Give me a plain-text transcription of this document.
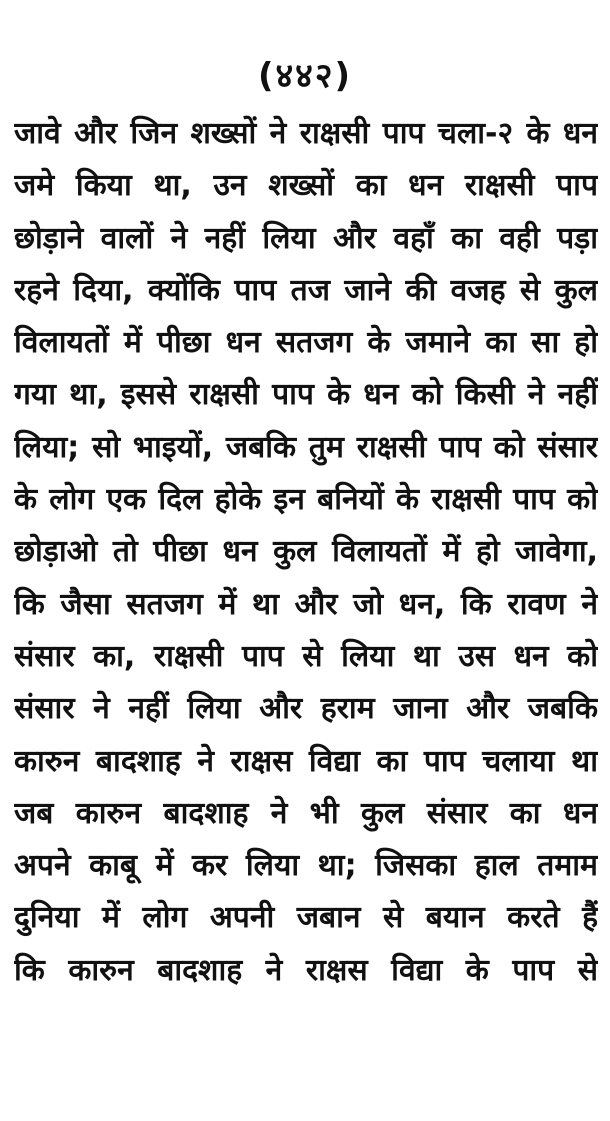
(४४२)
जावे और जिन शख्सों ने राक्षसी पाप चला-२ के धन
जमे किया था, उन शख्सों का धन राक्षसी पाप
छोड़ाने वालों ने नहीं लिया और वहाँ का वही पड़ा
रहने दिया, क्योंकि पाप तज जाने की वजह से कुल
विलायतों में पीछा धन सतजग के जमाने का सा हो
गया था, इससे राक्षसी पाप के धन को किसी ने नहीं
लिया; सो भाइयों, जबकि तुम राक्षसी पाप को संसार
के लोग एक दिल होके इन बनियों के राक्षसी पाप को
छोड़ाओ तो पीछा धन कुल विलायतों में हो जावेगा,
कि जैसा सतजग में था और जो धन, कि रावण ने
संसार का, राक्षसी पाप से लिया था उस धन को
संसार ने नहीं लिया और हराम जाना और जबकि
कारुन बादशाह ने राक्षस विद्या का पाप चलाया था
जब कारुन बादशाह ने भी कुल संसार का धन
अपने काबू में कर लिया था; जिसका हाल तमाम
दुनिया में लोग अपनी जबान से बयान करते हैं
कि कारुन बादशाह ने राक्षस विद्या के पाप से
